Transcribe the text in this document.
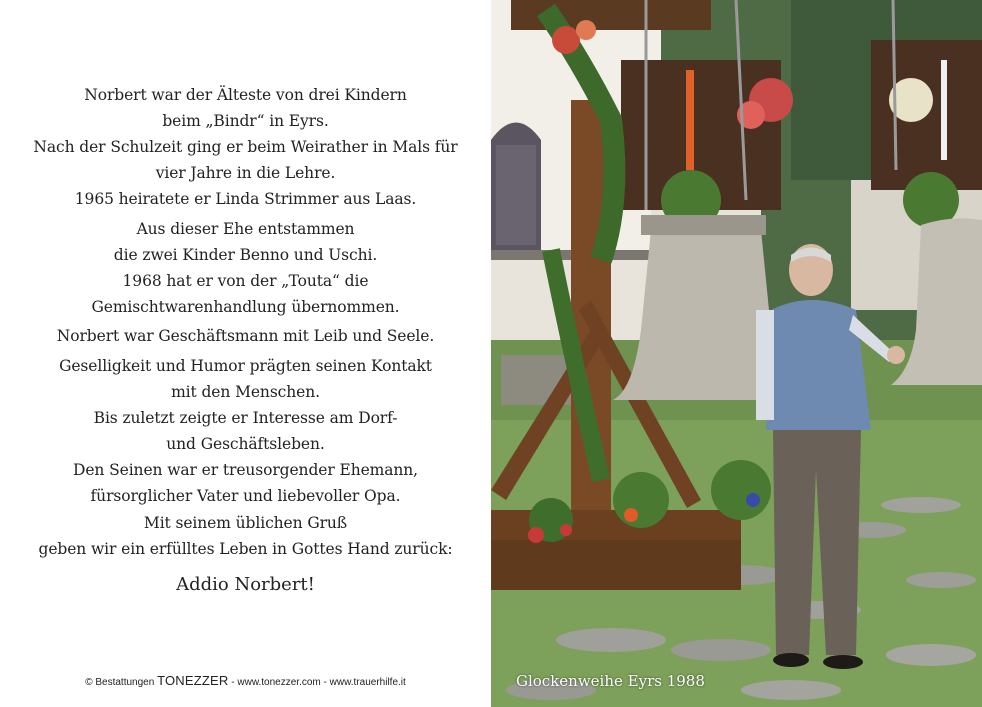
Norbert war der Älteste von drei Kindern
beim „Bindr“ in Eyrs.
Nach der Schulzeit ging er beim Weirather in Mals für
vier Jahre in die Lehre.
1965 heiratete er Linda Strimmer aus Laas.
Aus dieser Ehe entstammen
die zwei Kinder Benno und Uschi.
1968 hat er von der „Touta“ die
Gemischtwarenhandlung übernommen.
Norbert war Geschäftsmann mit Leib und Seele.
Geselligkeit und Humor prägten seinen Kontakt
mit den Menschen.
Bis zuletzt zeigte er Interesse am Dorf-
und Geschäftsleben.
Den Seinen war er treusorgender Ehemann,
fürsorglicher Vater und liebevoller Opa.
Mit seinem üblichen Gruß
geben wir ein erfülltes Leben in Gottes Hand zurück:
Addio Norbert!
© Bestattungen TONEZZER - www.tonezzer.com - www.trauerhilfe.it	Glockenweihe Eyrs 1988
